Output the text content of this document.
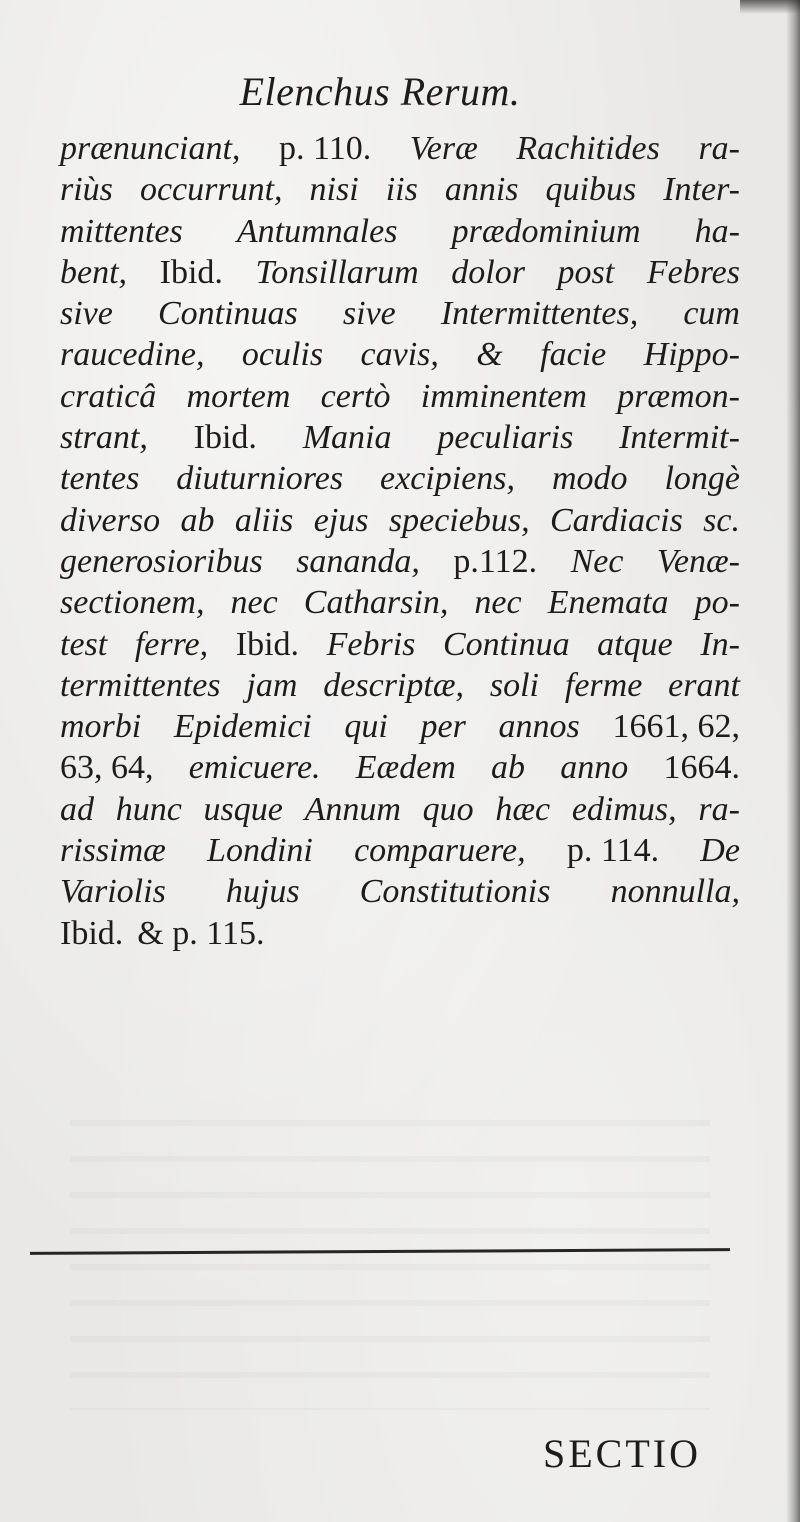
Elenchus Rerum.
prænunciant, p. 110. Veræ Rachitides ra-
riùs occurrunt, nisi iis annis quibus Inter-
mittentes Antumnales prædominium ha-
bent, Ibid. Tonsillarum dolor post Febres
sive Continuas sive Intermittentes, cum
raucedine, oculis cavis, & facie Hippo-
craticâ mortem certò imminentem præmon-
strant, Ibid. Mania peculiaris Intermit-
tentes diuturniores excipiens, modo longè
diverso ab aliis ejus speciebus, Cardiacis sc.
generosioribus sananda, p.112. Nec Venæ-
sectionem, nec Catharsin, nec Enemata po-
test ferre, Ibid. Febris Continua atque In-
termittentes jam descriptæ, soli ferme erant
morbi Epidemici qui per annos 1661, 62,
63, 64, emicuere. Eædem ab anno 1664.
ad hunc usque Annum quo hæc edimus, ra-
rissimæ Londini comparuere, p. 114. De
Variolis hujus Constitutionis nonnulla,
Ibid. & p. 115.
SECTIO
